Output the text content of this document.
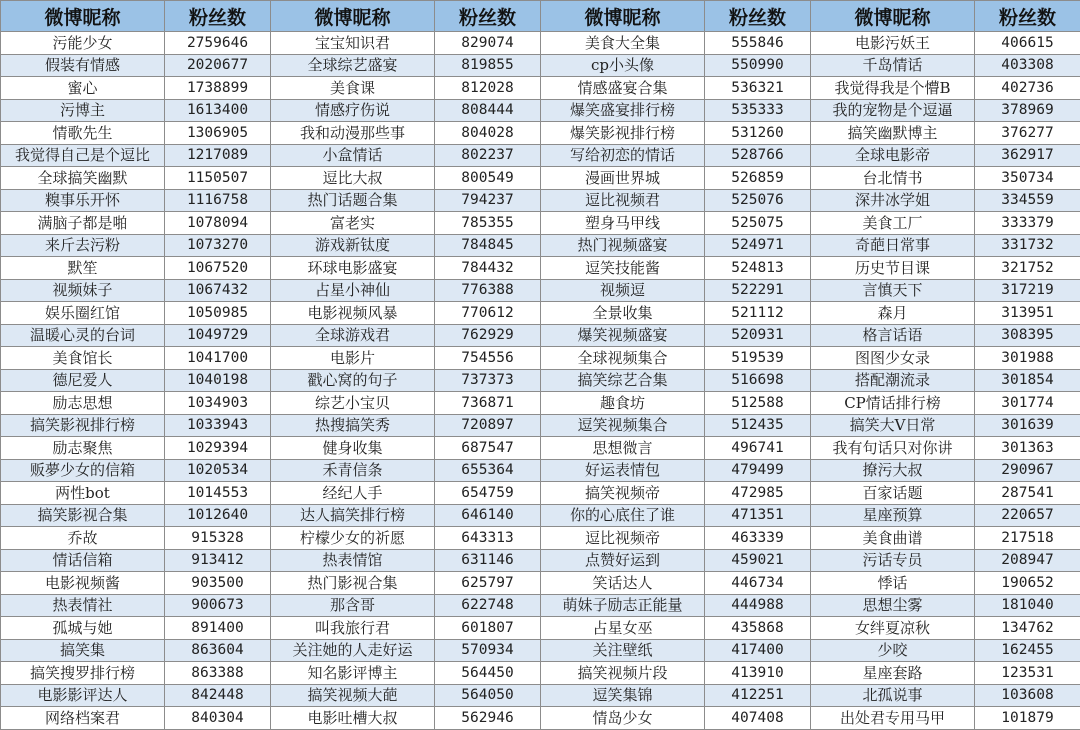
微博昵称	粉丝数	微博昵称	粉丝数	微博昵称	粉丝数	微博昵称	粉丝数
污能少女	2759646	宝宝知识君	829074	美食大全集	555846	电影污妖王	406615
假装有情感	2020677	全球综艺盛宴	819855	cp小头像	550990	千岛情话	403308
蜜心	1738899	美食课	812028	情感盛宴合集	536321	我觉得我是个懵B	402736
污博主	1613400	情感疗伤说	808444	爆笑盛宴排行榜	535333	我的宠物是个逗逼	378969
情歌先生	1306905	我和动漫那些事	804028	爆笑影视排行榜	531260	搞笑幽默博主	376277
我觉得自己是个逗比	1217089	小盒情话	802237	写给初恋的情话	528766	全球电影帝	362917
全球搞笑幽默	1150507	逗比大叔	800549	漫画世界城	526859	台北情书	350734
糗事乐开怀	1116758	热门话题合集	794237	逗比视频君	525076	深井冰学姐	334559
满脑子都是啪	1078094	富老实	785355	塑身马甲线	525075	美食工厂	333379
来斤去污粉	1073270	游戏新钛度	784845	热门视频盛宴	524971	奇葩日常事	331732
默笙	1067520	环球电影盛宴	784432	逗笑技能酱	524813	历史节目课	321752
视频妹子	1067432	占星小神仙	776388	视频逗	522291	言慎天下	317219
娱乐圈红馆	1050985	电影视频风暴	770612	全景收集	521112	森月	313951
温暖心灵的台词	1049729	全球游戏君	762929	爆笑视频盛宴	520931	格言话语	308395
美食馆长	1041700	电影片	754556	全球视频集合	519539	图图少女录	301988
德尼爱人	1040198	戳心窝的句子	737373	搞笑综艺合集	516698	搭配潮流录	301854
励志思想	1034903	综艺小宝贝	736871	趣食坊	512588	CP情话排行榜	301774
搞笑影视排行榜	1033943	热搜搞笑秀	720897	逗笑视频集合	512435	搞笑大V日常	301639
励志聚焦	1029394	健身收集	687547	思想微言	496741	我有句话只对你讲	301363
贩夢少女的信箱	1020534	禾青信条	655364	好运表情包	479499	撩污大叔	290967
两性bot	1014553	经纪人手	654759	搞笑视频帝	472985	百家话题	287541
搞笑影视合集	1012640	达人搞笑排行榜	646140	你的心底住了谁	471351	星座预算	220657
乔故	915328	柠檬少女的祈愿	643313	逗比视频帝	463339	美食曲谱	217518
情话信箱	913412	热表情馆	631146	点赞好运到	459021	污话专员	208947
电影视频酱	903500	热门影视合集	625797	笑话达人	446734	悸话	190652
热表情社	900673	那含哥	622748	萌妹子励志正能量	444988	思想尘雾	181040
孤城与她	891400	叫我旅行君	601807	占星女巫	435868	女绊夏凉秋	134762
搞笑集	863604	关注她的人走好运	570934	关注壁纸	417400	少咬	162455
搞笑搜罗排行榜	863388	知名影评博主	564450	搞笑视频片段	413910	星座套路	123531
电影影评达人	842448	搞笑视频大葩	564050	逗笑集锦	412251	北孤说事	103608
网络档案君	840304	电影吐槽大叔	562946	情岛少女	407408	出处君专用马甲	101879
